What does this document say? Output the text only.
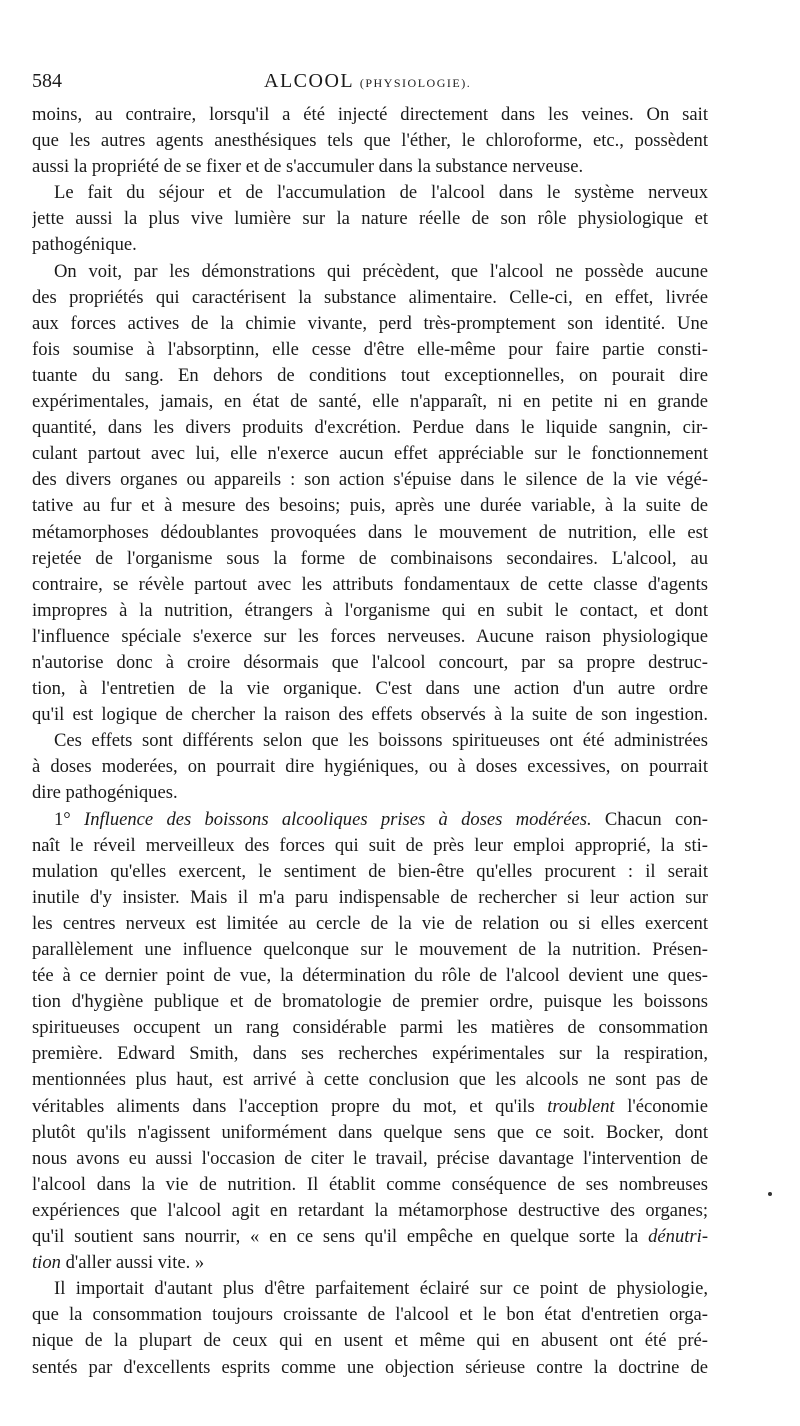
584	ALCOOL (PHYSIOLOGIE).
moins, au contraire, lorsqu'il a été injecté directement dans les veines. On sait
que les autres agents anesthésiques tels que l'éther, le chloroforme, etc., possèdent
aussi la propriété de se fixer et de s'accumuler dans la substance nerveuse.
Le fait du séjour et de l'accumulation de l'alcool dans le système nerveux
jette aussi la plus vive lumière sur la nature réelle de son rôle physiologique et
pathogénique.
On voit, par les démonstrations qui précèdent, que l'alcool ne possède aucune
des propriétés qui caractérisent la substance alimentaire. Celle-ci, en effet, livrée
aux forces actives de la chimie vivante, perd très-promptement son identité. Une
fois soumise à l'absorptinn, elle cesse d'être elle-même pour faire partie consti-
tuante du sang. En dehors de conditions tout exceptionnelles, on pourait dire
expérimentales, jamais, en état de santé, elle n'apparaît, ni en petite ni en grande
quantité, dans les divers produits d'excrétion. Perdue dans le liquide sangnin, cir-
culant partout avec lui, elle n'exerce aucun effet appréciable sur le fonctionnement
des divers organes ou appareils : son action s'épuise dans le silence de la vie végé-
tative au fur et à mesure des besoins; puis, après une durée variable, à la suite de
métamorphoses dédoublantes provoquées dans le mouvement de nutrition, elle est
rejetée de l'organisme sous la forme de combinaisons secondaires. L'alcool, au
contraire, se révèle partout avec les attributs fondamentaux de cette classe d'agents
impropres à la nutrition, étrangers à l'organisme qui en subit le contact, et dont
l'influence spéciale s'exerce sur les forces nerveuses. Aucune raison physiologique
n'autorise donc à croire désormais que l'alcool concourt, par sa propre destruc-
tion, à l'entretien de la vie organique. C'est dans une action d'un autre ordre
qu'il est logique de chercher la raison des effets observés à la suite de son ingestion.
Ces effets sont différents selon que les boissons spiritueuses ont été administrées
à doses moderées, on pourrait dire hygiéniques, ou à doses excessives, on pourrait
dire pathogéniques.
1° Influence des boissons alcooliques prises à doses modérées. Chacun con-
naît le réveil merveilleux des forces qui suit de près leur emploi approprié, la sti-
mulation qu'elles exercent, le sentiment de bien-être qu'elles procurent : il serait
inutile d'y insister. Mais il m'a paru indispensable de rechercher si leur action sur
les centres nerveux est limitée au cercle de la vie de relation ou si elles exercent
parallèlement une influence quelconque sur le mouvement de la nutrition. Présen-
tée à ce dernier point de vue, la détermination du rôle de l'alcool devient une ques-
tion d'hygiène publique et de bromatologie de premier ordre, puisque les boissons
spiritueuses occupent un rang considérable parmi les matières de consommation
première. Edward Smith, dans ses recherches expérimentales sur la respiration,
mentionnées plus haut, est arrivé à cette conclusion que les alcools ne sont pas de
véritables aliments dans l'acception propre du mot, et qu'ils troublent l'économie
plutôt qu'ils n'agissent uniformément dans quelque sens que ce soit. Bocker, dont
nous avons eu aussi l'occasion de citer le travail, précise davantage l'intervention de
l'alcool dans la vie de nutrition. Il établit comme conséquence de ses nombreuses
expériences que l'alcool agit en retardant la métamorphose destructive des organes;
qu'il soutient sans nourrir, « en ce sens qu'il empêche en quelque sorte la dénutri-
tion d'aller aussi vite. »
Il importait d'autant plus d'être parfaitement éclairé sur ce point de physiologie,
que la consommation toujours croissante de l'alcool et le bon état d'entretien orga-
nique de la plupart de ceux qui en usent et même qui en abusent ont été pré-
sentés par d'excellents esprits comme une objection sérieuse contre la doctrine de
